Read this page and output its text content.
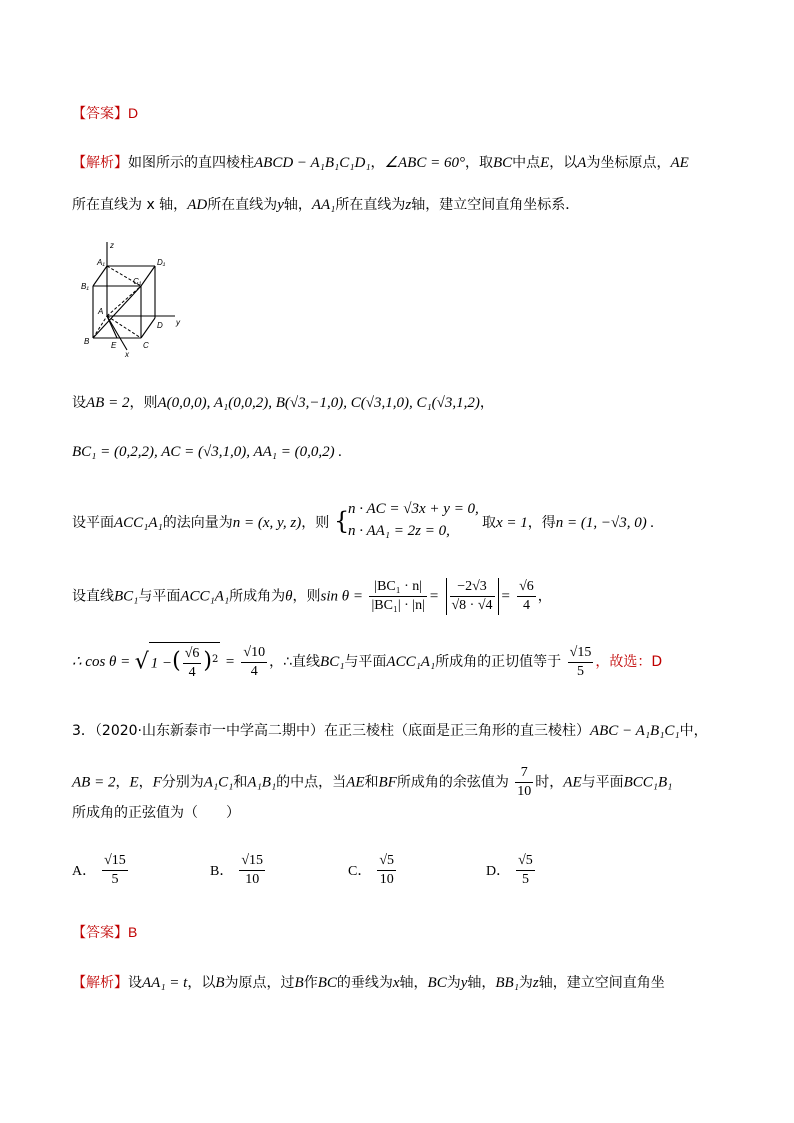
【答案】D
【解析】如图所示的直四棱柱ABCD − A₁B₁C₁D₁，∠ABC = 60°，取BC中点E，以A为坐标原点，AE
所在直线为 x 轴，AD所在直线为y轴，AA₁所在直线为z轴，建立空间直角坐标系．
z
A₁	D₁
B₁
C₁
A
D y
B	E	C
x
设AB = 2，则A(0,0,0), A₁(0,0,2), B(√3,−1,0), C(√3,1,0), C₁(√3,1,2)，
BC₁ = (0,2,2), AC = (√3,1,0), AA₁ = (0,0,2) .
设平面ACC₁A₁的法向量为n = (x, y, z)，则 {
n · AC = √3x + y = 0,
n · AA₁ = 2z = 0,	取x = 1，得n = (1, −√3, 0) .
设直线BC₁与平面ACC₁A₁所成角为θ，则$\sin \theta = \frac{\text{|BC₁ · n|}}{\text{|BC₁| · |n|}} = \frac{-2√3}{√8 \cdot √4} = \frac{√6}{4}$ ，
∴ cos θ = √ 1 −( $\frac{√6}{4} )^2 = \frac{√10}{4}$ ，∴直线BC₁与平面ACC₁A₁所成角的正切值等于 $\frac{√15}{5}$ ，故选：D
3．（2020·山东新泰市一中学高二期中）在正三棱柱（底面是正三角形的直三棱柱）ABC − A₁B₁C₁中，
AB = 2，E，F分别为A₁C₁和A₁B₁的中点，当AE和BF所成角的余弦值为 $\frac{7}{10}$ 时，AE与平面BCC₁B₁
所成角的正弦值为（　　）
A． $\frac{√15}{5}$	B． $\frac{√15}{10}$	C． $\frac{√5}{10}$	D． $\frac{√5}{5}$
【答案】B
【解析】设AA₁ = t，以B为原点，过B作BC的垂线为x轴，BC为y轴，BB₁为z轴，建立空间直角坐
